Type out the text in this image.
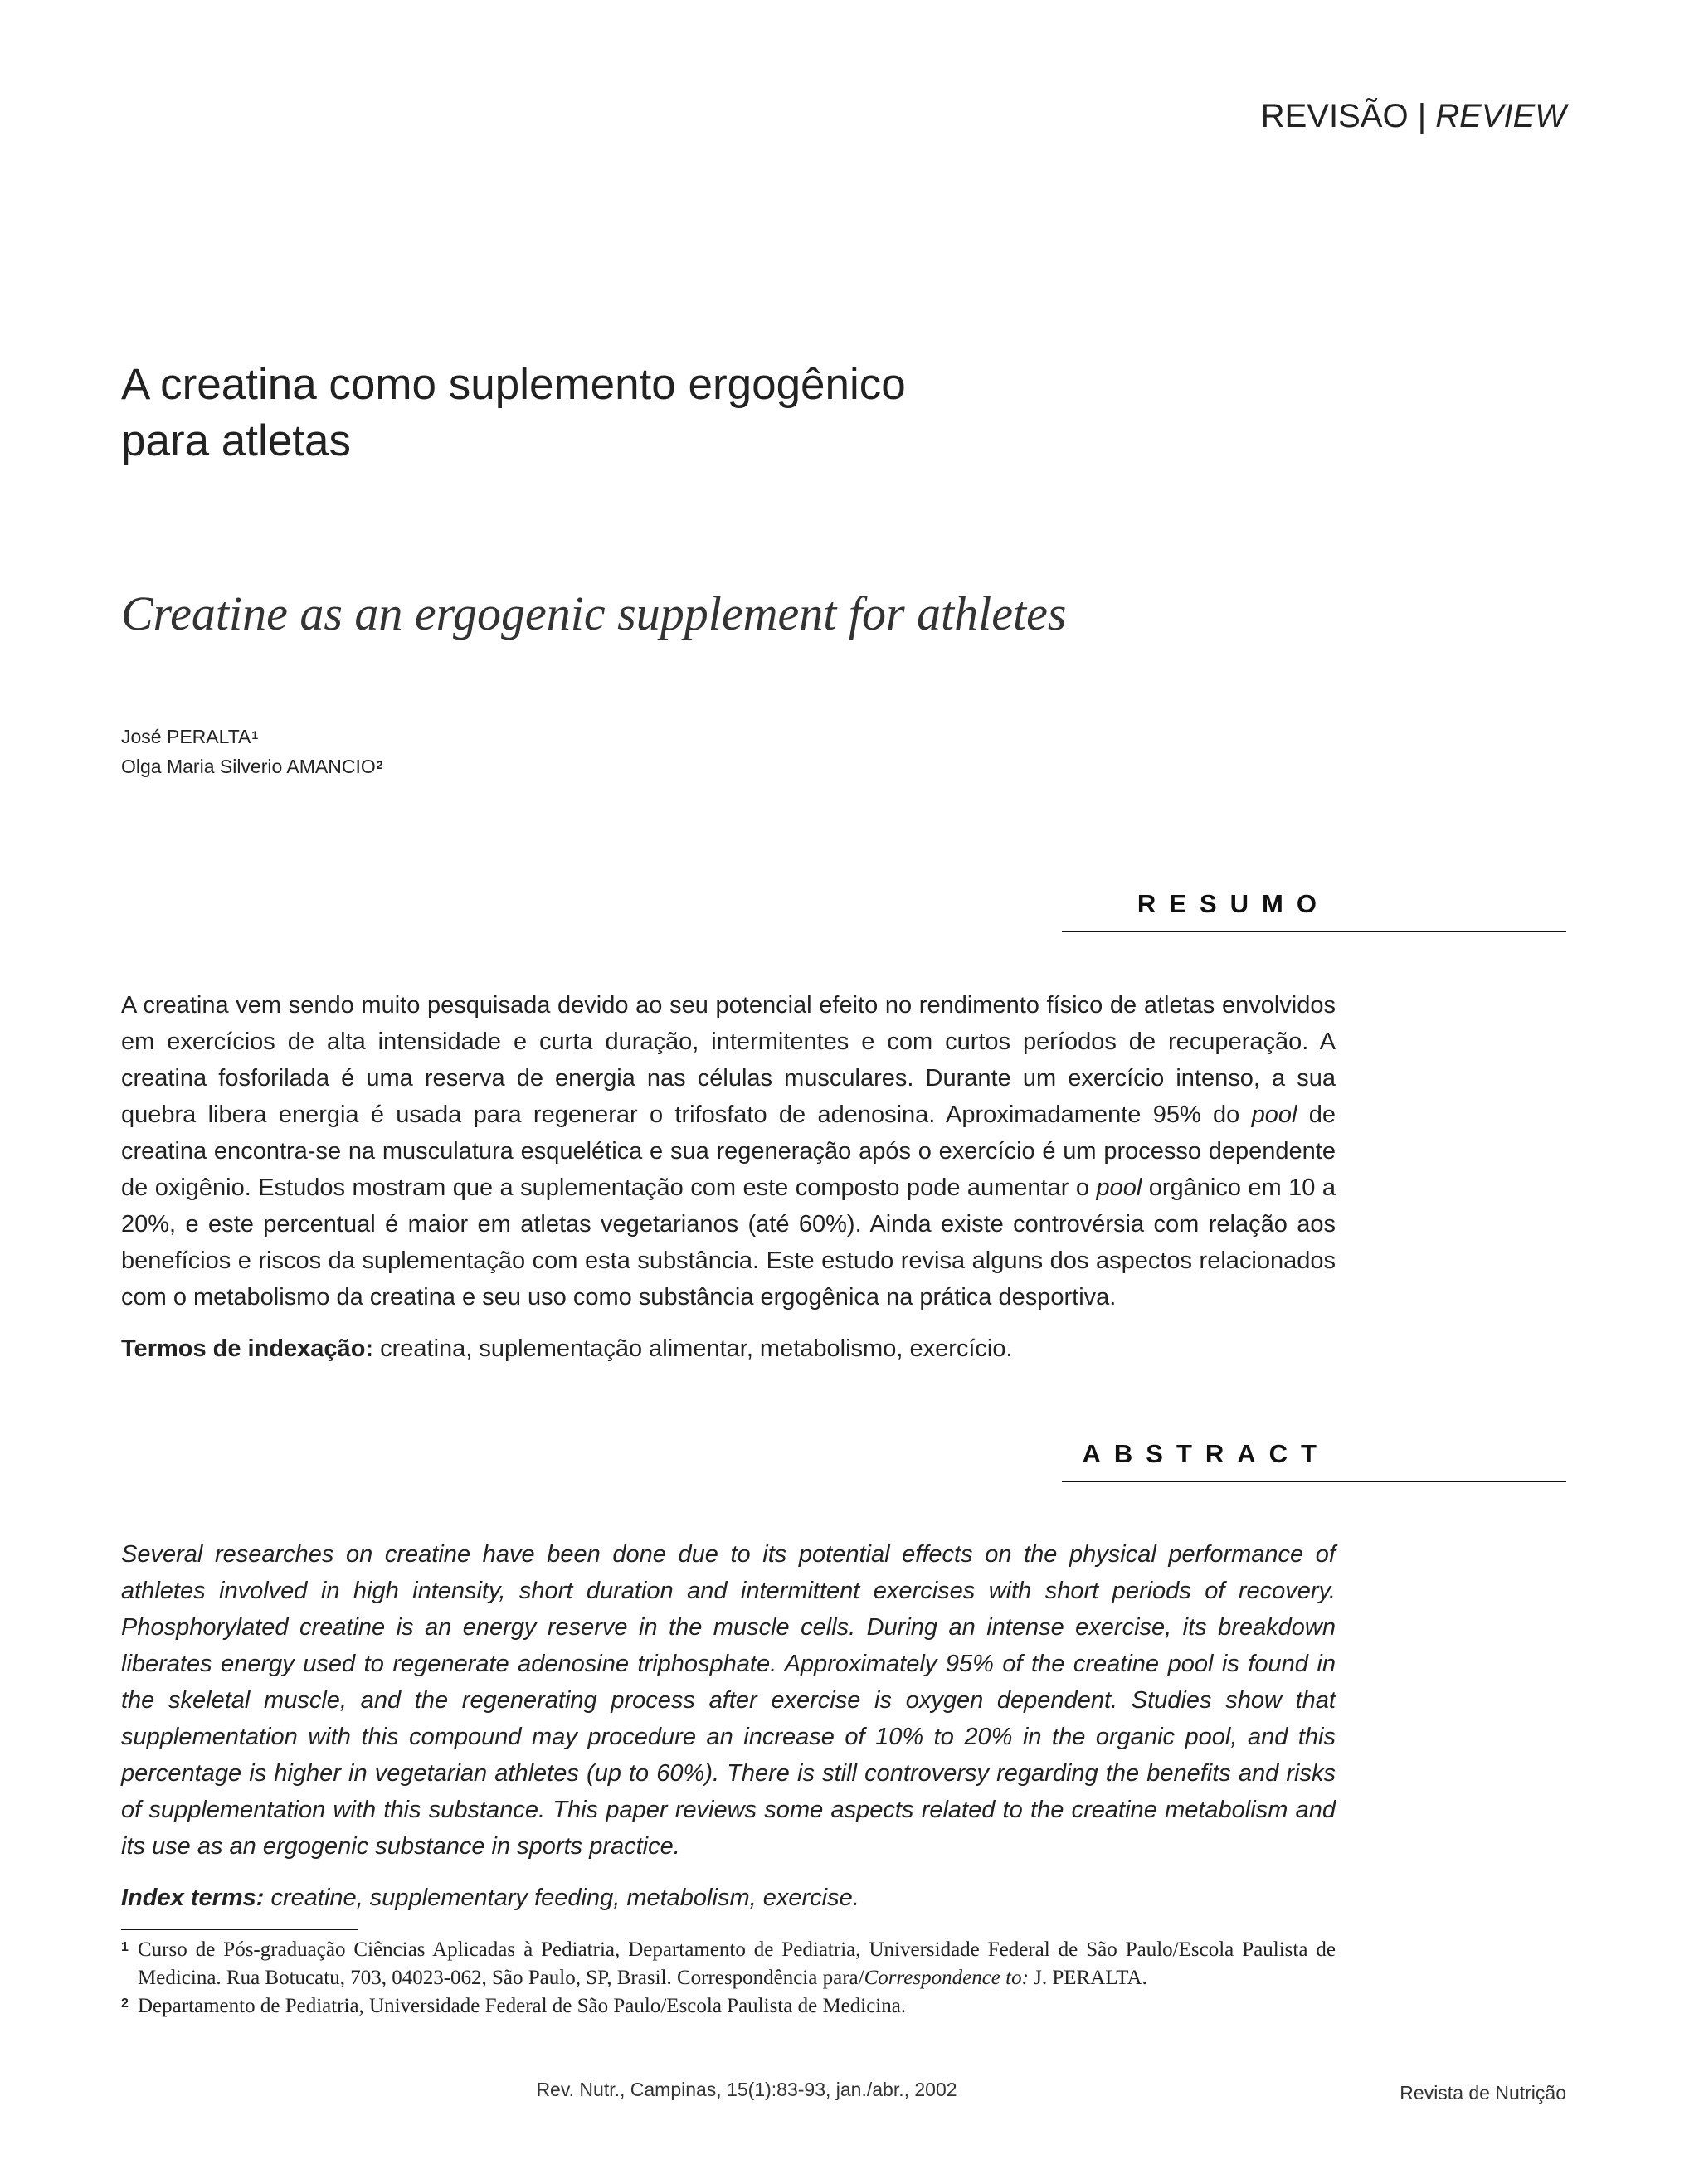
REVISÃO | REVIEW
A creatina como suplemento ergogênico
para atletas
Creatine as an ergogenic supplement for athletes
José PERALTA$^1$
Olga Maria Silverio AMANCIO$^2$
RESUMO
A creatina vem sendo muito pesquisada devido ao seu potencial efeito no rendimento físico de atletas envolvidos em exercícios de alta intensidade e curta duração, intermitentes e com curtos períodos de recuperação. A creatina fosforilada é uma reserva de energia nas células musculares. Durante um exercício intenso, a sua quebra libera energia é usada para regenerar o trifosfato de adenosina. Aproximadamente 95% do pool de creatina encontra-se na musculatura esquelética e sua regeneração após o exercício é um processo dependente de oxigênio. Estudos mostram que a suplementação com este composto pode aumentar o pool orgânico em 10 a 20%, e este percentual é maior em atletas vegetarianos (até 60%). Ainda existe controvérsia com relação aos benefícios e riscos da suplementação com esta substância. Este estudo revisa alguns dos aspectos relacionados com o metabolismo da creatina e seu uso como substância ergogênica na prática desportiva.
Termos de indexação: creatina, suplementação alimentar, metabolismo, exercício.
ABSTRACT
Several researches on creatine have been done due to its potential effects on the physical performance of athletes involved in high intensity, short duration and intermittent exercises with short periods of recovery. Phosphorylated creatine is an energy reserve in the muscle cells. During an intense exercise, its breakdown liberates energy used to regenerate adenosine triphosphate. Approximately 95% of the creatine pool is found in the skeletal muscle, and the regenerating process after exercise is oxygen dependent. Studies show that supplementation with this compound may procedure an increase of 10% to 20% in the organic pool, and this percentage is higher in vegetarian athletes (up to 60%). There is still controversy regarding the benefits and risks of supplementation with this substance. This paper reviews some aspects related to the creatine metabolism and its use as an ergogenic substance in sports practice.
Index terms: creatine, supplementary feeding, metabolism, exercise.
1 Curso de Pós-graduação Ciências Aplicadas à Pediatria, Departamento de Pediatria, Universidade Federal de São Paulo/Escola Paulista de Medicina. Rua Botucatu, 703, 04023-062, São Paulo, SP, Brasil. Correspondência para/Correspondence to: J. PERALTA.
2 Departamento de Pediatria, Universidade Federal de São Paulo/Escola Paulista de Medicina.
Rev. Nutr., Campinas, 15(1):83-93, jan./abr., 2002	Revista de Nutrição
